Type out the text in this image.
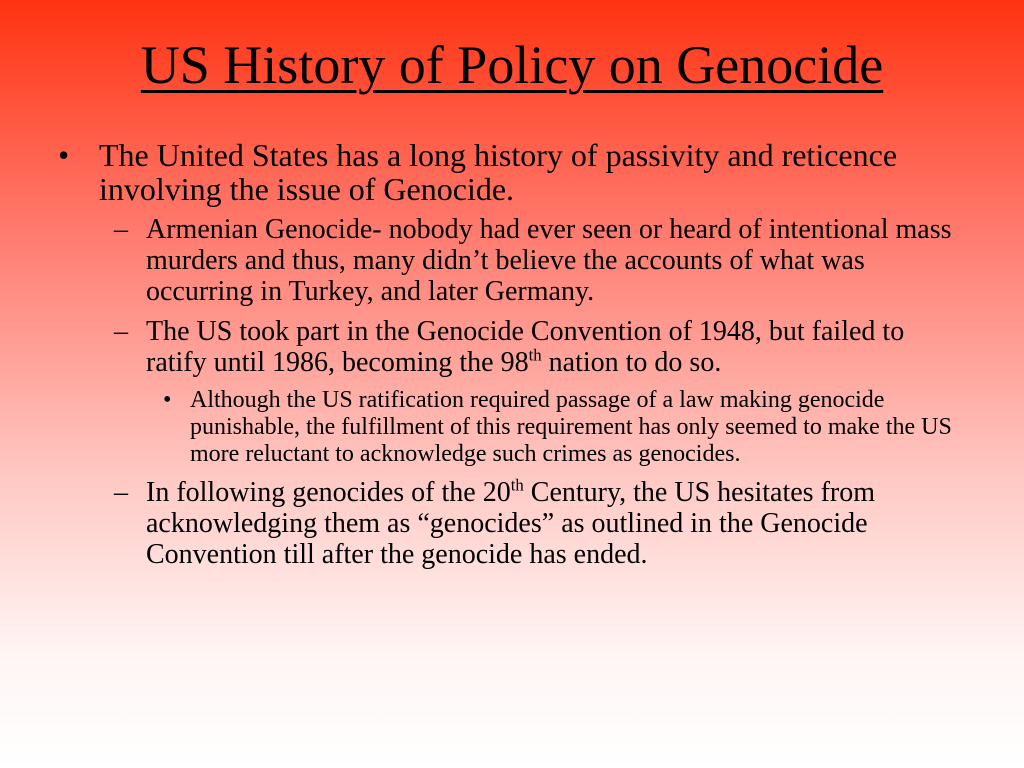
US History of Policy on Genocide

• The United States has a long history of passivity and reticence involving the issue of Genocide.

– Armenian Genocide- nobody had ever seen or heard of intentional mass murders and thus, many didn’t believe the accounts of what was occurring in Turkey, and later Germany.

– The US took part in the Genocide Convention of 1948, but failed to ratify until 1986, becoming the 98th nation to do so.

• Although the US ratification required passage of a law making genocide punishable, the fulfillment of this requirement has only seemed to make the US more reluctant to acknowledge such crimes as genocides.

– In following genocides of the 20th Century, the US hesitates from acknowledging them as “genocides” as outlined in the Genocide Convention till after the genocide has ended.
